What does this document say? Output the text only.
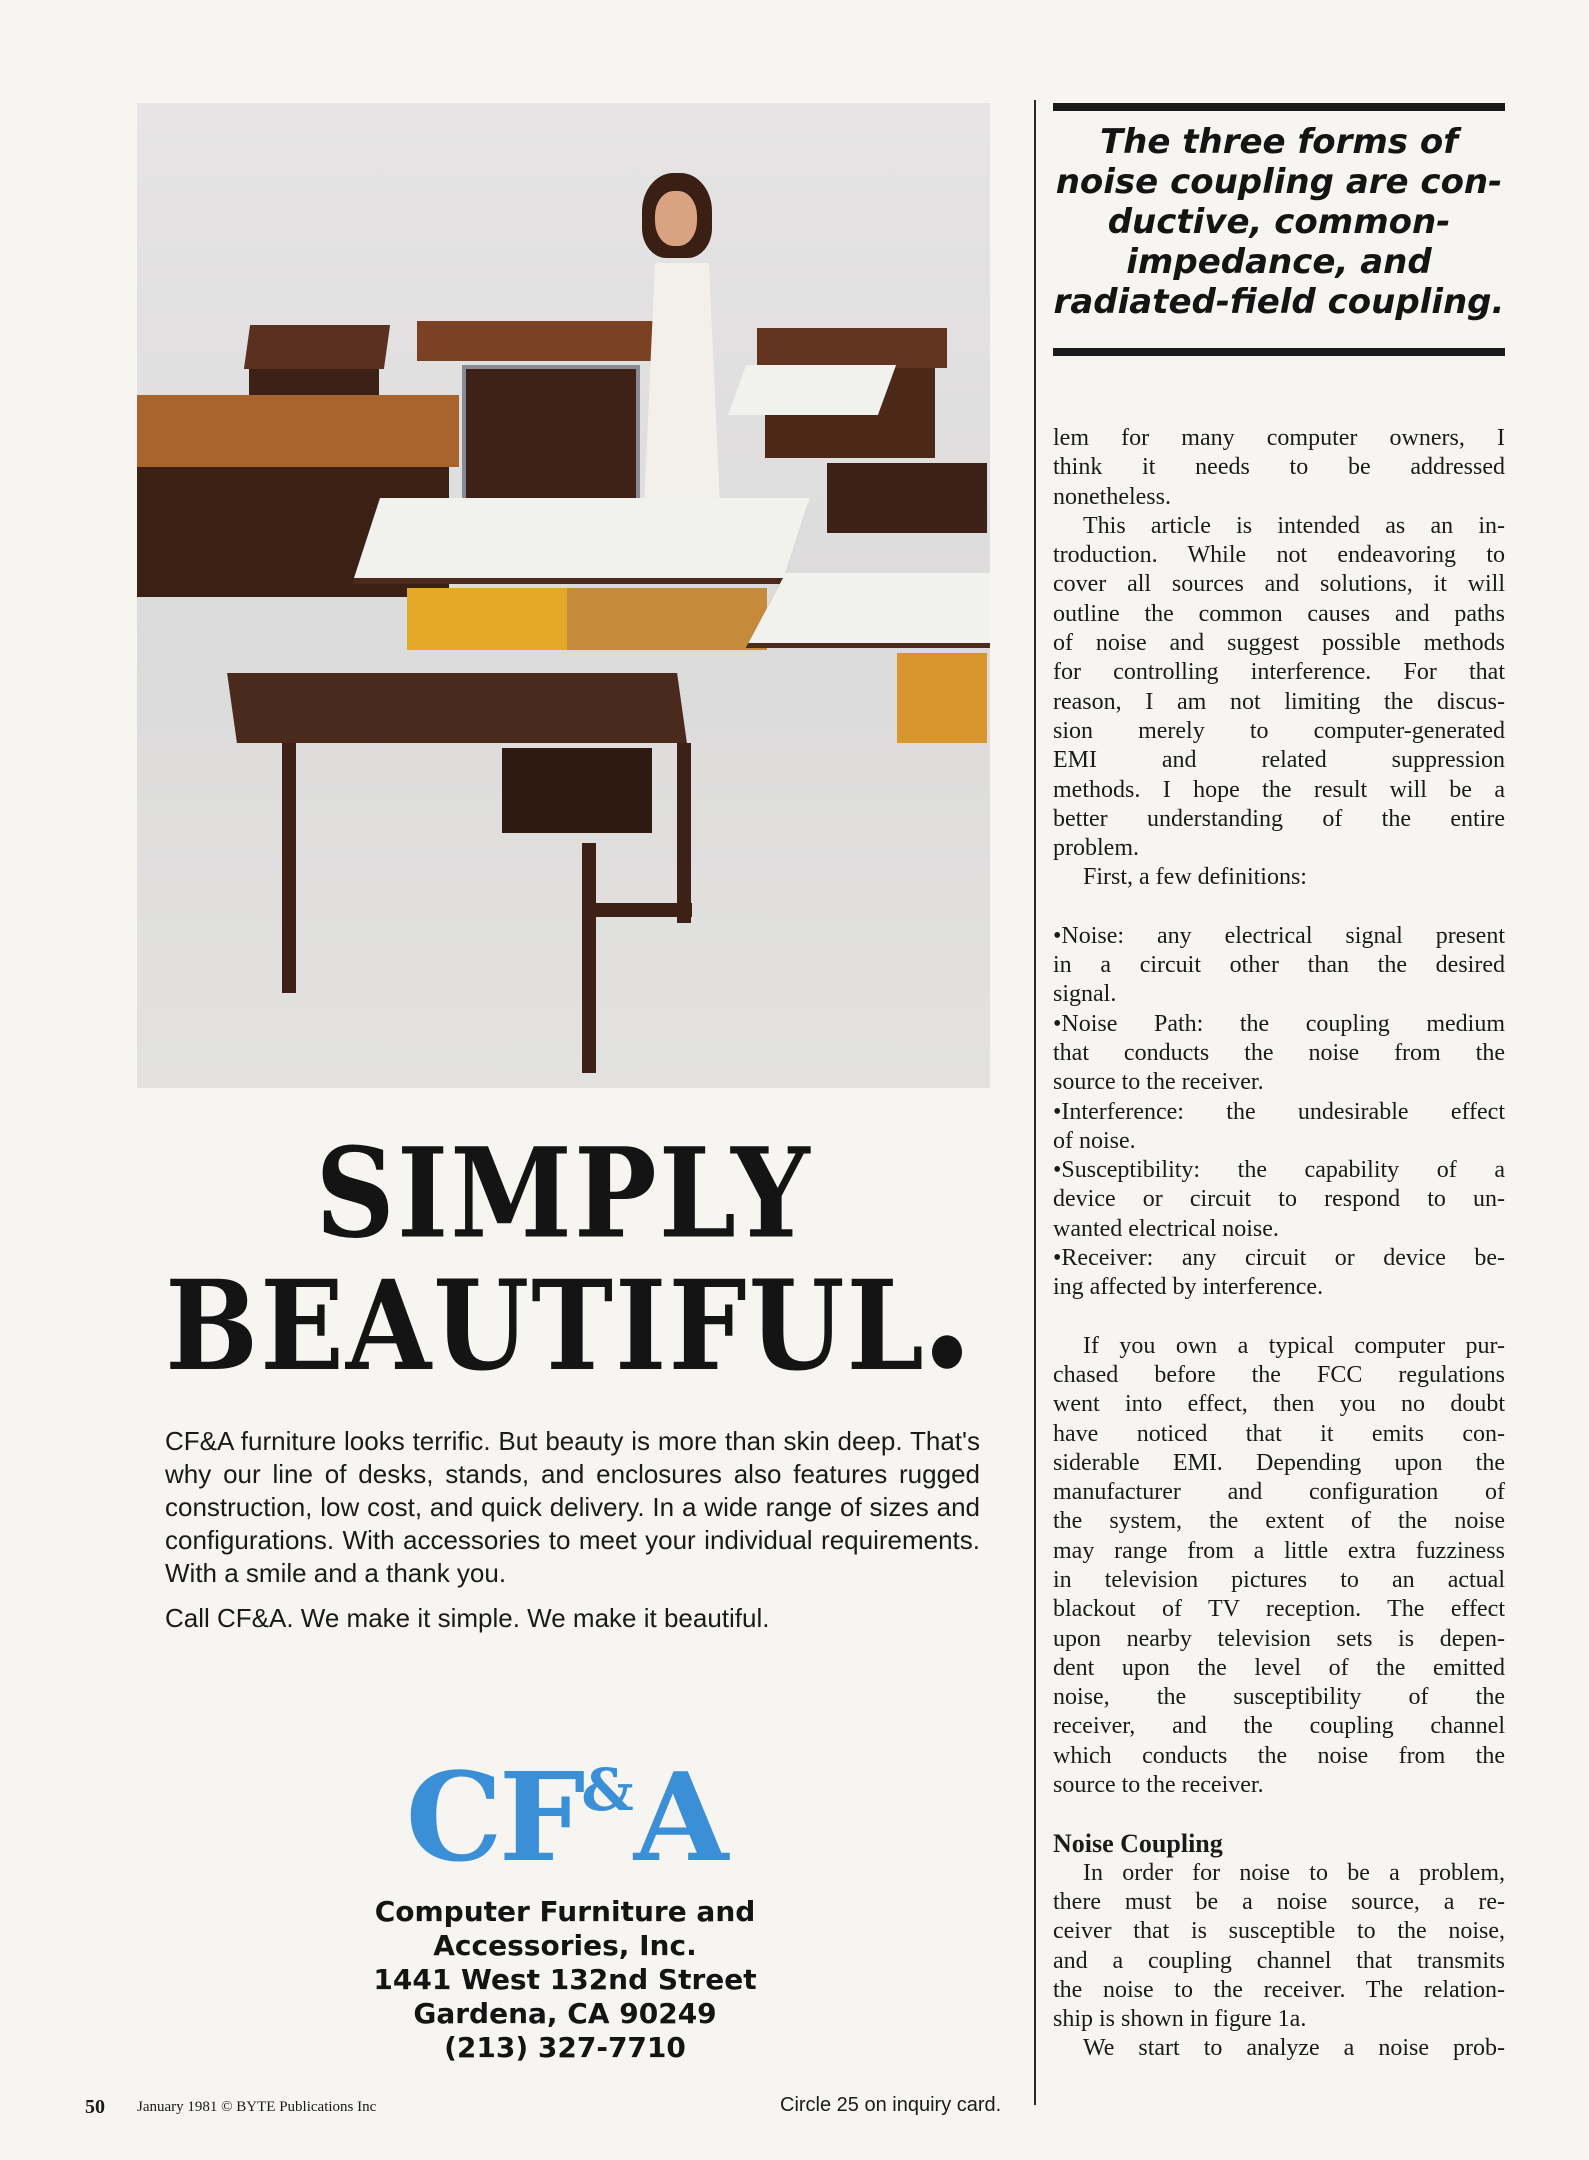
SIMPLY
BEAUTIFUL

CF&A furniture looks terrific. But beauty is more than skin deep. That's why our line of desks, stands, and enclosures also features rugged construction, low cost, and quick delivery. In a wide range of sizes and configurations. With accessories to meet your individual requirements. With a smile and a thank you.

Call CF&A. We make it simple. We make it beautiful.

CF&A
Computer Furniture and
Accessories, Inc.
1441 West 132nd Street
Gardena, CA 90249
(213) 327-7710
The three forms of
noise coupling are con-
ductive, common-
impedance, and
radiated-field coupling.
lem for many computer owners, I
think it needs to be addressed
nonetheless.
This article is intended as an in-
troduction. While not endeavoring to
cover all sources and solutions, it will
outline the common causes and paths
of noise and suggest possible methods
for controlling interference. For that
reason, I am not limiting the discus-
sion merely to computer-generated
EMI and related suppression
methods. I hope the result will be a
better understanding of the entire
problem.
First, a few definitions:
•Noise: any electrical signal present
in a circuit other than the desired
signal.
•Noise Path: the coupling medium
that conducts the noise from the
source to the receiver.
•Interference: the undesirable effect
of noise.
•Susceptibility: the capability of a
device or circuit to respond to un-
wanted electrical noise.
•Receiver: any circuit or device be-
ing affected by interference.
If you own a typical computer pur-
chased before the FCC regulations
went into effect, then you no doubt
have noticed that it emits con-
siderable EMI. Depending upon the
manufacturer and configuration of
the system, the extent of the noise
may range from a little extra fuzziness
in television pictures to an actual
blackout of TV reception. The effect
upon nearby television sets is depen-
dent upon the level of the emitted
noise, the susceptibility of the
receiver, and the coupling channel
which conducts the noise from the
source to the receiver.
Noise Coupling
In order for noise to be a problem,
there must be a noise source, a re-
ceiver that is susceptible to the noise,
and a coupling channel that transmits
the noise to the receiver. The relation-
ship is shown in figure 1a.
We start to analyze a noise prob-
50 January 1981 © BYTE Publications Inc	Circle 25 on inquiry card.
